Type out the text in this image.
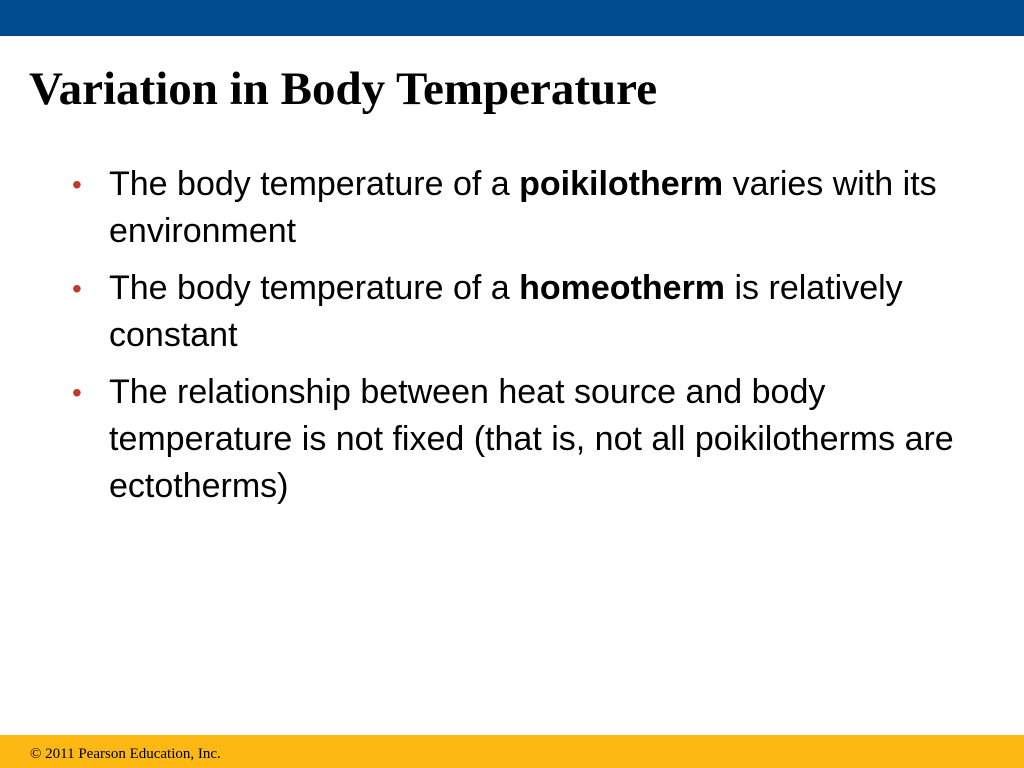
Variation in Body Temperature
• The body temperature of a poikilotherm varies with its environment
• The body temperature of a homeotherm is relatively constant
• The relationship between heat source and body temperature is not fixed (that is, not all poikilotherms are ectotherms)
© 2011 Pearson Education, Inc.
